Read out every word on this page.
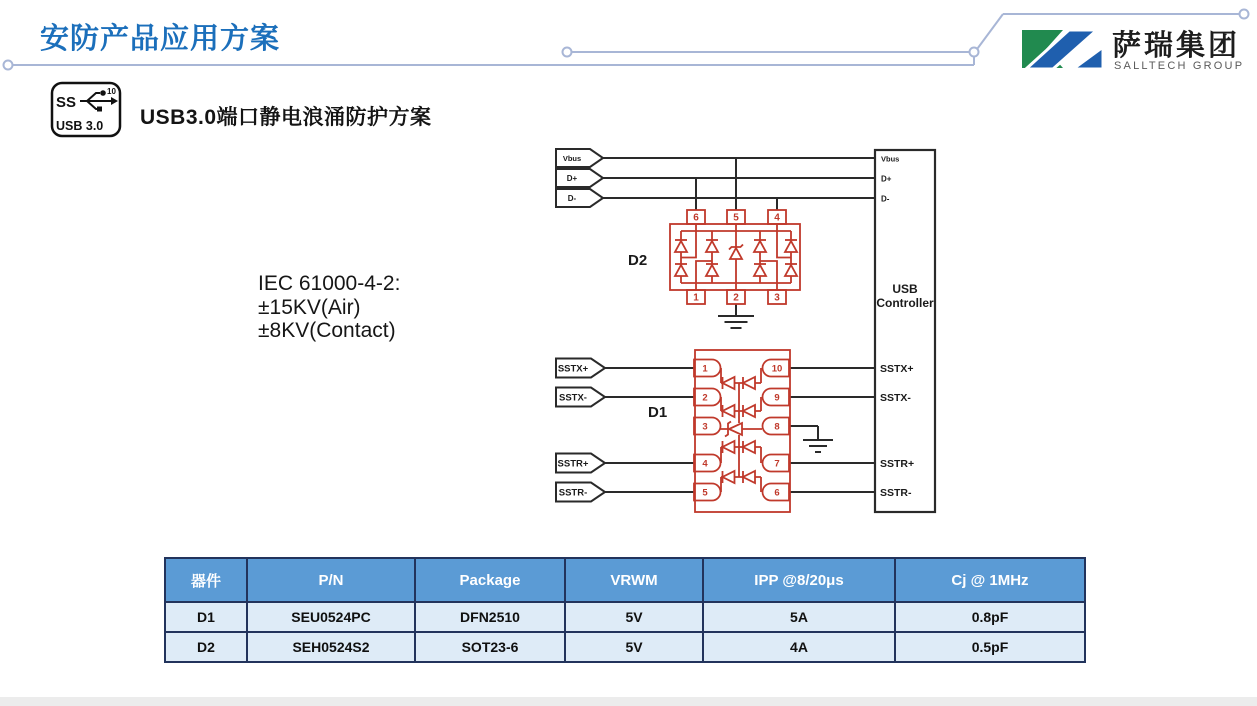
安防产品应用方案	萨瑞集团
SALLTECH GROUP
SS
10
USB 3.0 USB3.0端口静电浪涌防护方案
IEC 61000-4-2:
±15KV(Air)
±8KV(Contact)
Vbus
D+
D-
SSTX+
SSTX-
SSTR+
SSTR-
6	5	4
1	2	3
D2
1
2
3
4
5
10
9
8
7
6
D1
Vbus
D+
D-
USB
Controller
SSTX+
SSTX-
SSTR+
SSTR-
器件	P/N	Package	VRWM	IPP @8/20μs	Cj @ 1MHz
D1	SEU0524PC	DFN2510	5V	5A	0.8pF
D2	SEH0524S2	SOT23-6	5V	4A	0.5pF
